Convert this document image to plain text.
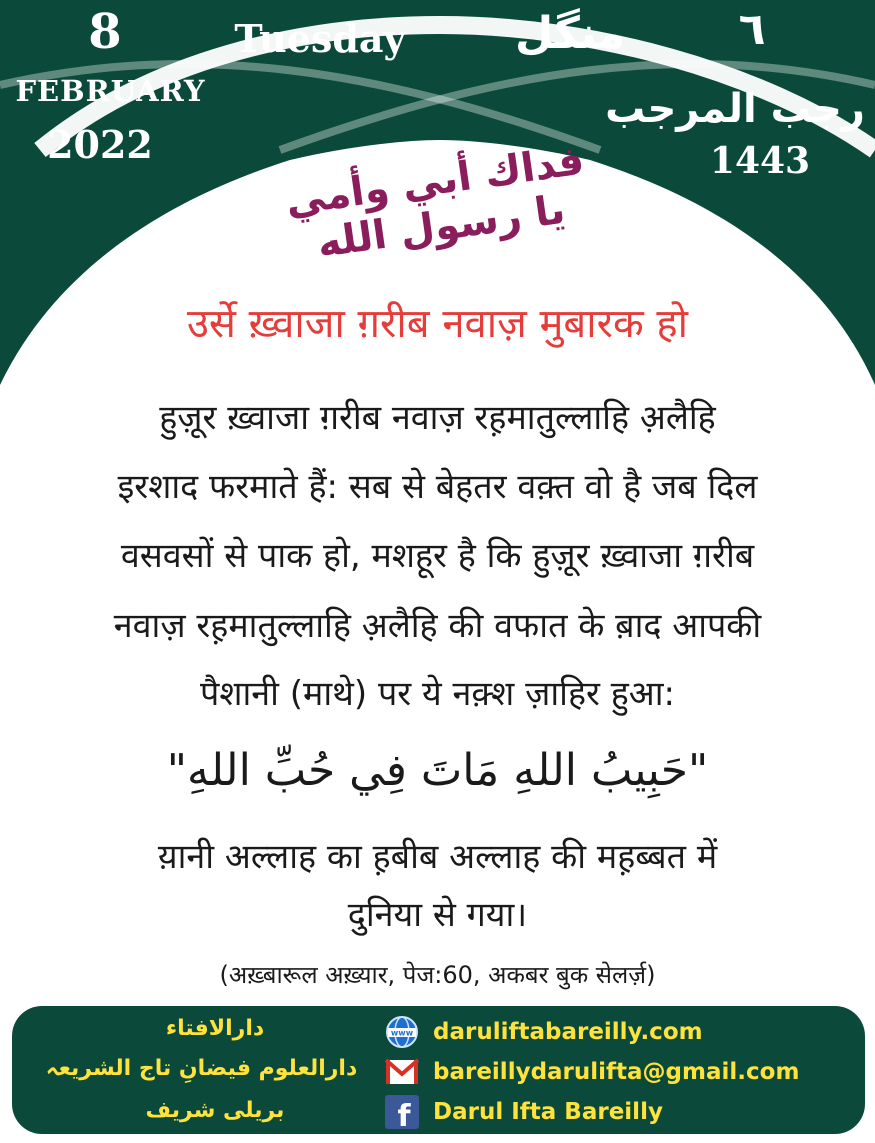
8
FEBRUARY
2022
Tuesday	منگل	٦
رجب المرجب
1443
فداك أبي وأمي يا رسول الله
उर्से ख़्वाजा ग़रीब नवाज़ मुबारक हो
हुज़ूर ख़्वाजा ग़रीब नवाज़ रह़मातुल्लाहि अ़लैहि
इरशाद फरमाते हैं: सब से बेहतर वक़्त वो है जब दिल
वसवसों से पाक हो, मशहूर है कि हुज़ूर ख़्वाजा ग़रीब
नवाज़ रह़मातुल्लाहि अ़लैहि की वफात के ब़ाद आपकी
पैशानी (माथे) पर ये नक़्श ज़ाहिर हुआ:
"حَبِيبُ اللهِ مَاتَ فِي حُبِّ اللهِ"
य़ानी अल्लाह का ह़बीब अल्लाह की मह़ब्बत में
दुनिया से गया।
(अख़्बारूल अख़्यार, पेज:60, अकबर बुक सेलर्ज़)
دارالافتاء
دارالعلوم فیضانِ تاج الشریعہ
بریلی شریف
www daruliftabareilly.com
bareillydarulifta@gmail.com
f Darul Ifta Bareilly
